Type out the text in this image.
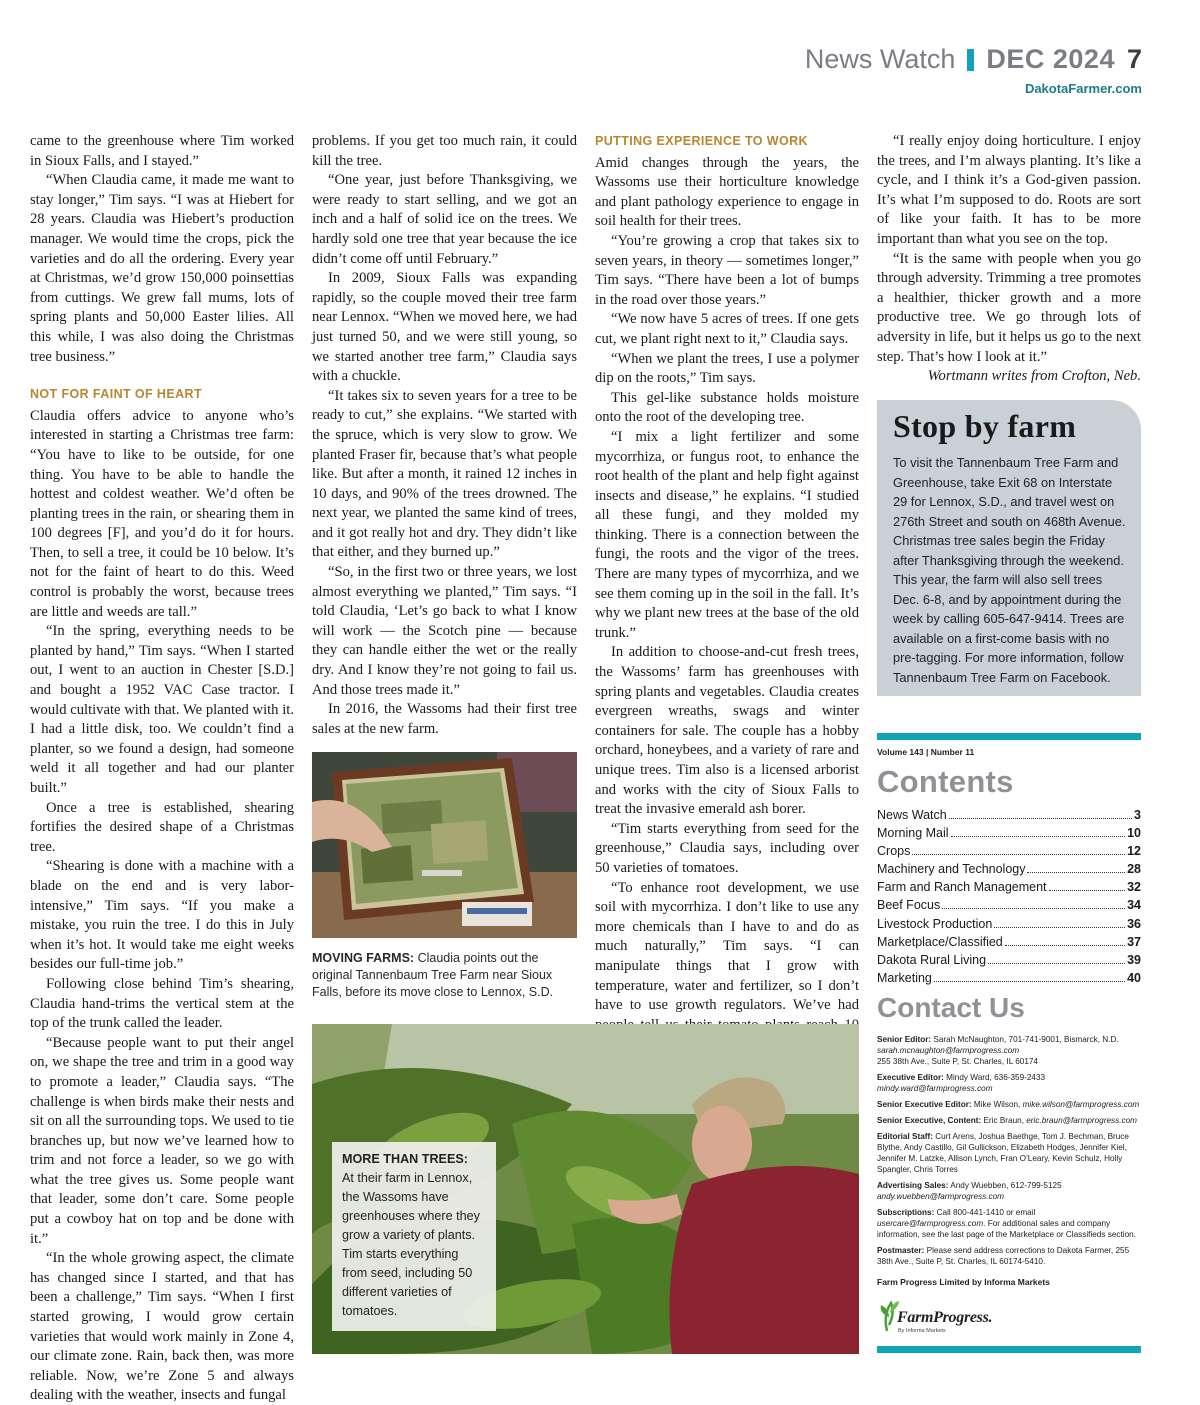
News Watch DEC 2024 7
DakotaFarmer.com

came to the greenhouse where Tim worked in Sioux Falls, and I stayed.”

“When Claudia came, it made me want to stay longer,” Tim says. “I was at Hiebert for 28 years. Claudia was Hiebert’s production manager. We would time the crops, pick the varieties and do all the ordering. Every year at Christmas, we’d grow 150,000 poinsettias from cuttings. We grew fall mums, lots of spring plants and 50,000 Easter lilies. All this while, I was also doing the Christmas tree business.”

NOT FOR FAINT OF HEART

Claudia offers advice to anyone who’s interested in starting a Christmas tree farm: “You have to like to be outside, for one thing. You have to be able to handle the hottest and coldest weather. We’d often be planting trees in the rain, or shearing them in 100 degrees [F], and you’d do it for hours. Then, to sell a tree, it could be 10 below. It’s not for the faint of heart to do this. Weed control is probably the worst, because trees are little and weeds are tall.”

“In the spring, everything needs to be planted by hand,” Tim says. “When I started out, I went to an auction in Chester [S.D.] and bought a 1952 VAC Case tractor. I would cultivate with that. We planted with it. I had a little disk, too. We couldn’t find a planter, so we found a design, had someone weld it all together and had our planter built.”

Once a tree is established, shearing fortifies the desired shape of a Christmas tree.

“Shearing is done with a machine with a blade on the end and is very labor-intensive,” Tim says. “If you make a mistake, you ruin the tree. I do this in July when it’s hot. It would take me eight weeks besides our full-time job.”

Following close behind Tim’s shearing, Claudia hand-trims the vertical stem at the top of the trunk called the leader.

“Because people want to put their angel on, we shape the tree and trim in a good way to promote a leader,” Claudia says. “The challenge is when birds make their nests and sit on all the surrounding tops. We used to tie branches up, but now we’ve learned how to trim and not force a leader, so we go with what the tree gives us. Some people want that leader, some don’t care. Some people put a cowboy hat on top and be done with it.”

“In the whole growing aspect, the climate has changed since I started, and that has been a challenge,” Tim says. “When I first started growing, I would grow certain varieties that would work mainly in Zone 4, our climate zone. Rain, back then, was more reliable. Now, we’re Zone 5 and always dealing with the weather, insects and fungal

problems. If you get too much rain, it could kill the tree.

“One year, just before Thanksgiving, we were ready to start selling, and we got an inch and a half of solid ice on the trees. We hardly sold one tree that year because the ice didn’t come off until February.”

In 2009, Sioux Falls was expanding rapidly, so the couple moved their tree farm near Lennox. “When we moved here, we had just turned 50, and we were still young, so we started another tree farm,” Claudia says with a chuckle.

“It takes six to seven years for a tree to be ready to cut,” she explains. “We started with the spruce, which is very slow to grow. We planted Fraser fir, because that’s what people like. But after a month, it rained 12 inches in 10 days, and 90% of the trees drowned. The next year, we planted the same kind of trees, and it got really hot and dry. They didn’t like that either, and they burned up.”

“So, in the first two or three years, we lost almost everything we planted,” Tim says. “I told Claudia, ‘Let’s go back to what I know will work — the Scotch pine — because they can handle either the wet or the really dry. And I know they’re not going to fail us. And those trees made it.”

In 2016, the Wassoms had their first tree sales at the new farm.

MOVING FARMS: Claudia points out the original Tannenbaum Tree Farm near Sioux Falls, before its move close to Lennox, S.D.
PUTTING EXPERIENCE TO WORK

Amid changes through the years, the Wassoms use their horticulture knowledge and plant pathology experience to engage in soil health for their trees.

“You’re growing a crop that takes six to seven years, in theory — sometimes longer,” Tim says. “There have been a lot of bumps in the road over those years.”

“We now have 5 acres of trees. If one gets cut, we plant right next to it,” Claudia says.

“When we plant the trees, I use a polymer dip on the roots,” Tim says.

This gel-like substance holds moisture onto the root of the developing tree.

“I mix a light fertilizer and some mycorrhiza, or fungus root, to enhance the root health of the plant and help fight against insects and disease,” he explains. “I studied all these fungi, and they molded my thinking. There is a connection between the fungi, the roots and the vigor of the trees. There are many types of mycorrhiza, and we see them coming up in the soil in the fall. It’s why we plant new trees at the base of the old trunk.”

In addition to choose-and-cut fresh trees, the Wassoms’ farm has greenhouses with spring plants and vegetables. Claudia creates evergreen wreaths, swags and winter containers for sale. The couple has a hobby orchard, honeybees, and a variety of rare and unique trees. Tim also is a licensed arborist and works with the city of Sioux Falls to treat the invasive emerald ash borer.

“Tim starts everything from seed for the greenhouse,” Claudia says, including over 50 varieties of tomatoes.

“To enhance root development, we use soil with mycorrhiza. I don’t like to use any more chemicals than I have to and do as much naturally,” Tim says. “I can manipulate things that I grow with temperature, water and fertilizer, so I don’t have to use growth regulators. We’ve had

“I really enjoy doing horticulture. I enjoy the trees, and I’m always planting. It’s like a cycle, and I think it’s a God-given passion. It’s what I’m supposed to do. Roots are sort of like your faith. It has to be more important than what you see on the top.

“It is the same with people when you go through adversity. Trimming a tree promotes a healthier, thicker growth and a more productive tree. We go through lots of adversity in life, but it helps us go to the next step. That’s how I look at it.”

Wortmann writes from Crofton, Neb.

Stop by farm

To visit the Tannenbaum Tree Farm and Greenhouse, take Exit 68 on Interstate 29 for Lennox, S.D., and travel west on 276th Street and south on 468th Avenue. Christmas tree sales begin the Friday after Thanksgiving through the weekend. This year, the farm will also sell trees Dec. 6-8, and by appointment during the week by calling 605-647-9414. Trees are available on a first-come basis with no pre-tagging. For more information, follow Tannenbaum Tree Farm on Facebook.

MORE THAN TREES:
At their farm in Lennox, the Wassoms have greenhouses where they grow a variety of plants. Tim starts everything from seed, including 50 different varieties of tomatoes.
Volume 143 | Number 11
Contents
News Watch	3
Morning Mail	10
Crops	12
Machinery and Technology	28
Farm and Ranch Management	32
Beef Focus	34
Livestock Production	36
Marketplace/Classified	37
Dakota Rural Living	39
Marketing	40
Contact Us
Senior Editor: Sarah McNaughton, 701-741-9001, Bismarck, N.D.
sarah.mcnaughton@farmprogress.com
255 38th Ave., Suite P, St. Charles, IL 60174
Executive Editor: Mindy Ward, 636-359-2433
mindy.ward@farmprogress.com
Senior Executive Editor: Mike Wilson, mike.wilson@farmprogress.com
Senior Executive, Content: Eric Braun, eric.braun@farmprogress.com
Editorial Staff: Curt Arens, Joshua Baethge, Tom J. Bechman, Bruce Blythe, Andy Castillo, Gil Gullickson, Elizabeth Hodges, Jennifer Kiel, Jennifer M. Latzke, Allison Lynch, Fran O’Leary, Kevin Schulz, Holly Spangler, Chris Torres
Advertising Sales: Andy Wuebben, 612-799-5125
andy.wuebben@farmprogress.com
Subscriptions: Call 800-441-1410 or email usercare@farmprogress.com. For additional sales and company information, see the last page of the Marketplace or Classifieds section.
Postmaster: Please send address corrections to Dakota Farmer, 255 38th Ave., Suite P, St. Charles, IL 60174-5410.
Farm Progress Limited by Informa Markets
FarmProgress.
By Informa Markets
